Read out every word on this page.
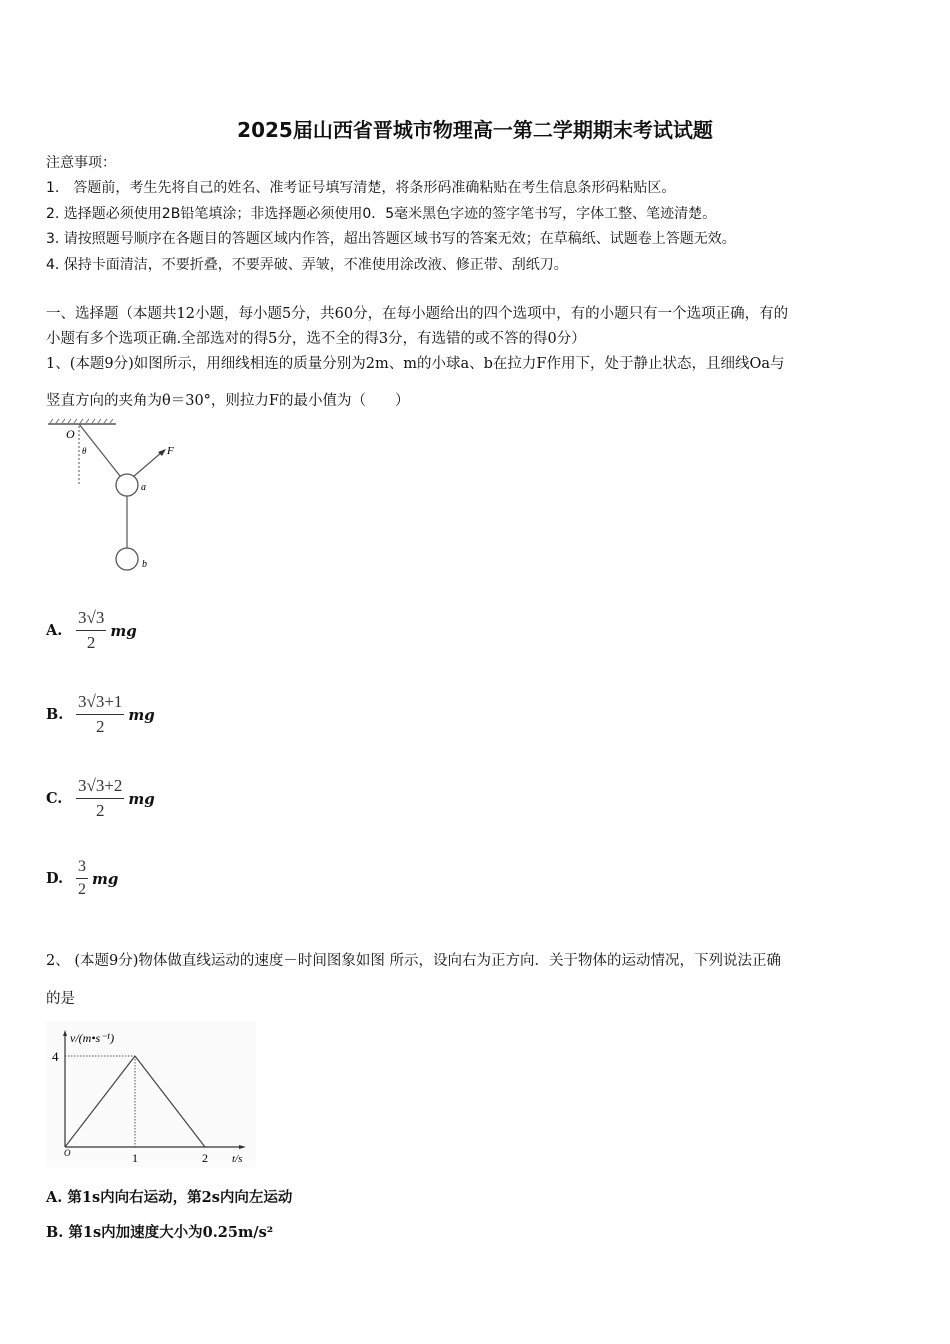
2025届山西省晋城市物理高一第二学期期末考试试题
注意事项：
1.　答题前，考生先将自己的姓名、准考证号填写清楚，将条形码准确粘贴在考生信息条形码粘贴区。
2. 选择题必须使用2B铅笔填涂；非选择题必须使用0．5毫米黑色字迹的签字笔书写，字体工整、笔迹清楚。
3. 请按照题号顺序在各题目的答题区域内作答，超出答题区域书写的答案无效；在草稿纸、试题卷上答题无效。
4. 保持卡面清洁，不要折叠，不要弄破、弄皱，不准使用涂改液、修正带、刮纸刀。
一、选择题（本题共12小题，每小题5分，共60分，在每小题给出的四个选项中，有的小题只有一个选项正确，有的
小题有多个选项正确.全部选对的得5分，选不全的得3分，有选错的或不答的得0分）
1、(本题9分)如图所示，用细线相连的质量分别为2m、m的小球a、b在拉力F作用下，处于静止状态，且细线Oa与
竖直方向的夹角为θ＝30°，则拉力F的最小值为（　　）
O
θ	F
a
b
A. $\frac{3√3}{2}$ mg
B. $\frac{3√3+1}{2}$ mg
C. $\frac{3√3+2}{2}$ mg
D. $\frac{3}{2}$ mg
2、 (本题9分)物体做直线运动的速度－时间图象如图 所示，设向右为正方向．关于物体的运动情况，下列说法正确
的是
1	2
4
v/(m•s⁻¹)
t/s
O
A. 第1s内向右运动，第2s内向左运动
B. 第1s内加速度大小为0.25m/s²
